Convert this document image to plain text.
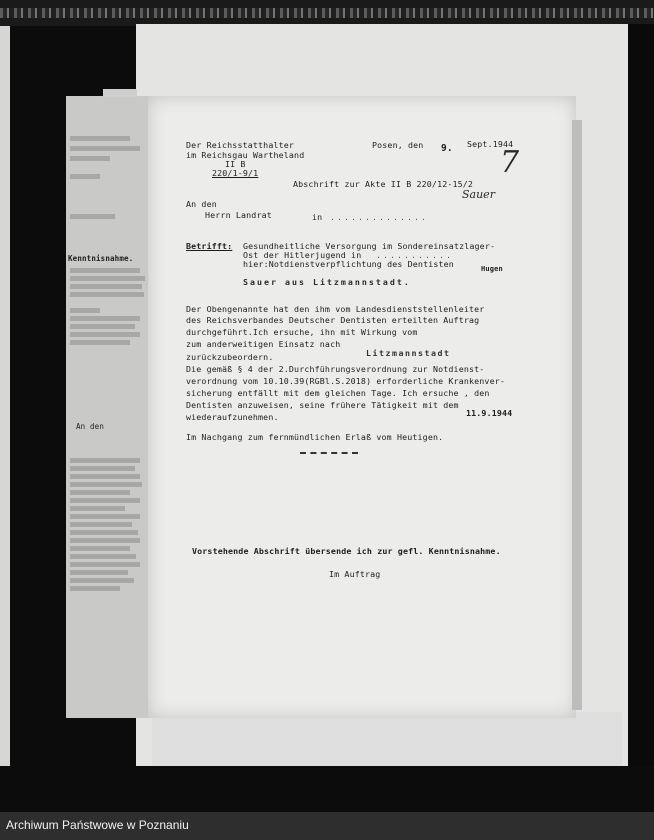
Kenntnisnahme.
An den
Der Reichsstatthalter
im Reichsgau Wartheland
II B
220/1-9/1
Posen, den 9. Sept.1944
7
Abschrift zur Akte II B 220/12-15/2
Sauer
An den
Herrn Landrat	in ..............
Betrifft: Gesundheitliche Versorgung im Sondereinsatzlager-
Ost der Hitlerjugend in ...........
hier:Notdienstverpflichtung des Dentisten	Hugen
Sauer aus Litzmannstadt.
Der Obengenannte hat den ihm vom Landesdienststellenleiter
des Reichsverbandes Deutscher Dentisten erteilten Auftrag
durchgeführt.Ich ersuche, ihn mit Wirkung vom
zum anderweitigen Einsatz nach
zurückzubeordern.	Litzmannstadt
Die gemäß § 4 der 2.Durchführungsverordnung zur Notdienst-
verordnung vom 10.10.39(RGBl.S.2018) erforderliche Krankenver-
sicherung entfällt mit dem gleichen Tage. Ich ersuche , den
Dentisten anzuweisen, seine frühere Tätigkeit mit dem
11.9.1944
wiederaufzunehmen.
Im Nachgang zum fernmündlichen Erlaß vom Heutigen.
Vorstehende Abschrift übersende ich zur gefl. Kenntnisnahme.
Im Auftrag
Archiwum Państwowe w Poznaniu
